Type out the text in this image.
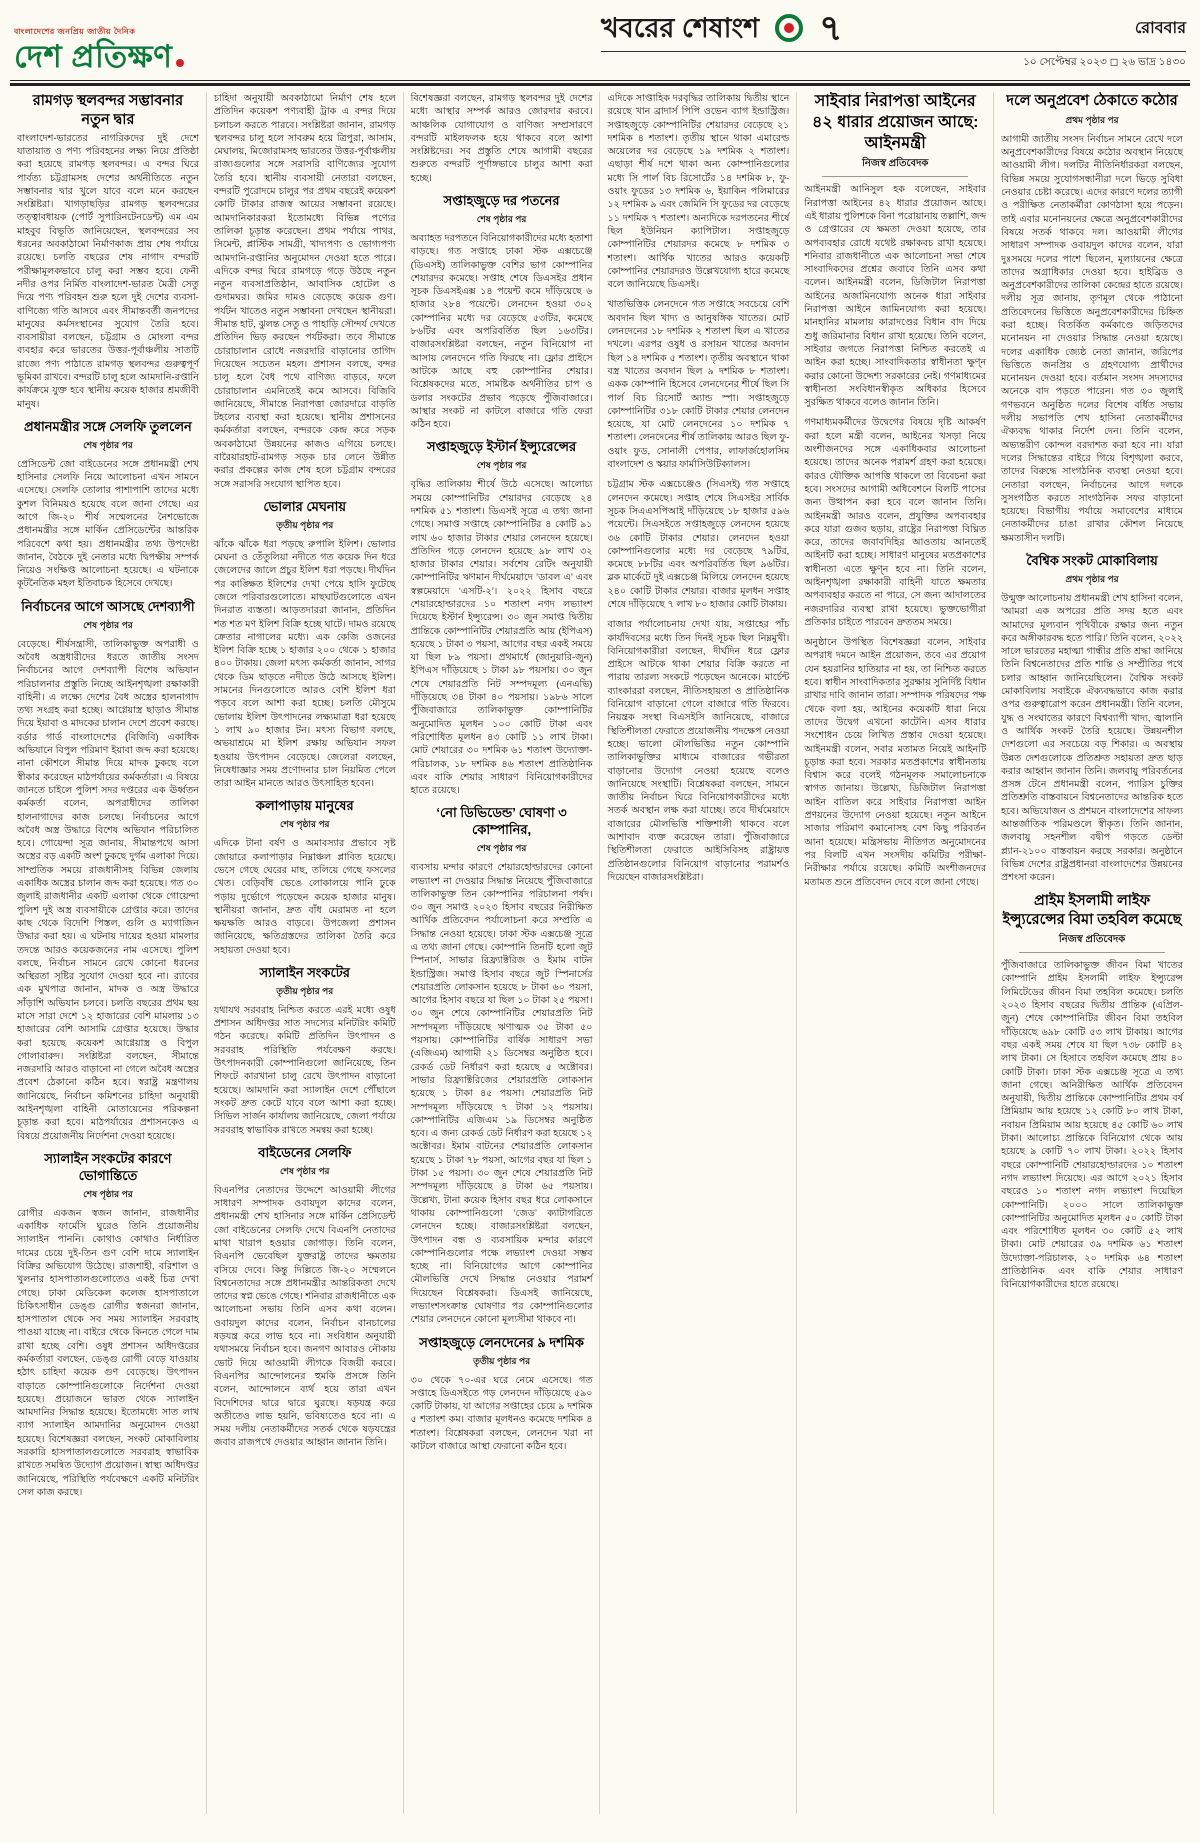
বাংলাদেশের জনপ্রিয় জাতীয় দৈনিক
দেশ প্রতিক্ষণ
খবরের শেষাংশ ৭	রোববার
১০ সেপ্টেম্বর ২০২৩ ◻ ২৬ ভাদ্র ১৪৩০
রামগড় স্থলবন্দর সম্ভাবনার নতুন দ্বার
বাংলাদেশ-ভারতের নাগরিকদের দুই দেশে যাতায়াত ও পণ্য পরিবহনের লক্ষ্য নিয়ে প্রতিষ্ঠা করা হয়েছে রামগড় স্থলবন্দর। এ বন্দর ঘিরে পার্বত্য চট্টগ্রামসহ দেশের অর্থনীতিতে নতুন সম্ভাবনার দ্বার খুলে যাবে বলে মনে করছেন সংশ্লিষ্টরা। খাগড়াছড়ির রামগড় স্থলবন্দরের তত্ত্বাবধায়ক (পোর্ট সুপারিনটেনডেন্ট) এম এম মাহবুব বিভূতি জানিয়েছেন, স্থলবন্দরের সব ধরনের অবকাঠামো নির্মাণকাজ প্রায় শেষ পর্যায়ে রয়েছে। চলতি বছরের শেষ নাগাদ বন্দরটি পরীক্ষামূলকভাবে চালু করা সম্ভব হবে। ফেনী নদীর ওপর নির্মিত বাংলাদেশ-ভারত মৈত্রী সেতু দিয়ে পণ্য পরিবহন শুরু হলে দুই দেশের ব্যবসা-বাণিজ্যে গতি আসবে এবং সীমান্তবর্তী জনপদের মানুষের কর্মসংস্থানের সুযোগ তৈরি হবে। ব্যবসায়ীরা বলছেন, চট্টগ্রাম ও মোংলা বন্দর ব্যবহার করে ভারতের উত্তর-পূর্বাঞ্চলীয় সাতটি রাজ্যে পণ্য পাঠাতে রামগড় স্থলবন্দর গুরুত্বপূর্ণ ভূমিকা রাখবে। বন্দরটি চালু হলে আমদানি-রপ্তানি কার্যক্রমে যুক্ত হবে স্থানীয় কয়েক হাজার শ্রমজীবী মানুষ।
প্রধানমন্ত্রীর সঙ্গে সেলফি তুললেন
শেষ পৃষ্ঠার পর
প্রেসিডেন্ট জো বাইডেনের সঙ্গে প্রধানমন্ত্রী শেখ হাসিনার সেলফি নিয়ে আলোচনা এখন সামনে এসেছে। সেলফি তোলার পাশাপাশি তাদের মধ্যে কুশল বিনিময়ও হয়েছে বলে জানা গেছে। এর আগে জি-২০ শীর্ষ সম্মেলনের নৈশভোজে প্রধানমন্ত্রীর সঙ্গে মার্কিন প্রেসিডেন্টের আন্তরিক পরিবেশে কথা হয়। প্রধানমন্ত্রীর তথ্য উপদেষ্টা জানান, বৈঠকে দুই নেতার মধ্যে দ্বিপক্ষীয় সম্পর্ক নিয়েও সংক্ষিপ্ত আলোচনা হয়েছে। এ ঘটনাকে কূটনৈতিক মহল ইতিবাচক হিসেবে দেখছে।
নির্বাচনের আগে আসছে দেশব্যাপী
শেষ পৃষ্ঠার পর
বেড়েছে। শীর্ষসন্ত্রাসী, তালিকাভুক্ত অপরাধী ও অবৈধ অস্ত্রধারীদের ধরতে জাতীয় সংসদ নির্বাচনের আগে দেশব্যাপী বিশেষ অভিযান পরিচালনার প্রস্তুতি নিচ্ছে আইনশৃঙ্খলা রক্ষাকারী বাহিনী। এ লক্ষ্যে দেশের বৈধ অস্ত্রের হালনাগাদ তথ্য সংগ্রহ করা হচ্ছে। আগ্নেয়াস্ত্র ছাড়াও সীমান্ত দিয়ে ইয়াবা ও মাদকের চালান দেশে প্রবেশ করছে। বর্ডার গার্ড বাংলাদেশের (বিজিবি) একাধিক অভিযানে বিপুল পরিমাণ ইয়াবা জব্দ করা হয়েছে। নানা কৌশলে সীমান্ত দিয়ে মাদক ঢুকছে বলে স্বীকার করেছেন মাঠপর্যায়ের কর্মকর্তারা। এ বিষয়ে জানতে চাইলে পুলিশ সদর দপ্তরের এক ঊর্ধ্বতন কর্মকর্তা বলেন, অপরাধীদের তালিকা হালনাগাদের কাজ চলছে। নির্বাচনের আগে অবৈধ অস্ত্র উদ্ধারে বিশেষ অভিযান পরিচালিত হবে। গোয়েন্দা সূত্র জানায়, সীমান্তপথে আসা অস্ত্রের বড় একটি অংশ ঢুকছে দুর্গম এলাকা দিয়ে। সাম্প্রতিক সময়ে রাজধানীসহ বিভিন্ন জেলায় একাধিক অস্ত্রের চালান জব্দ করা হয়েছে। গত ৩০ জুলাই রাজধানীর একটি এলাকা থেকে গোয়েন্দা পুলিশ দুই অস্ত্র ব্যবসায়ীকে গ্রেপ্তার করে। তাদের কাছ থেকে বিদেশি পিস্তল, গুলি ও ম্যাগাজিন উদ্ধার করা হয়। এ ঘটনায় দায়ের হওয়া মামলার তদন্তে আরও কয়েকজনের নাম এসেছে। পুলিশ বলছে, নির্বাচন সামনে রেখে কোনো ধরনের অস্থিরতা সৃষ্টির সুযোগ দেওয়া হবে না। র‌্যাবের এক মুখপাত্র জানান, মাদক ও অস্ত্র উদ্ধারে সাঁড়াশি অভিযান চলবে। চলতি বছরের প্রথম ছয় মাসে সারা দেশে ১২ হাজারের বেশি মামলায় ১৩ হাজারের বেশি আসামি গ্রেপ্তার হয়েছে। উদ্ধার করা হয়েছে কয়েকশ আগ্নেয়াস্ত্র ও বিপুল গোলাবারুদ। সংশ্লিষ্টরা বলছেন, সীমান্তে নজরদারি আরও বাড়ানো না গেলে অবৈধ অস্ত্রের প্রবেশ ঠেকানো কঠিন হবে। স্বরাষ্ট্র মন্ত্রণালয় জানিয়েছে, নির্বাচন কমিশনের চাহিদা অনুযায়ী আইনশৃঙ্খলা বাহিনী মোতায়েনের পরিকল্পনা চূড়ান্ত করা হবে। মাঠপর্যায়ের প্রশাসনকেও এ বিষয়ে প্রয়োজনীয় নির্দেশনা দেওয়া হয়েছে।
স্যালাইন সংকটের কারণে ভোগান্তিতে
শেষ পৃষ্ঠার পর
রোগীর একজন স্বজন জানান, রাজধানীর একাধিক ফার্মেসি ঘুরেও তিনি প্রয়োজনীয় স্যালাইন পাননি। কোথাও কোথাও নির্ধারিত দামের চেয়ে দুই-তিন গুণ বেশি দামে স্যালাইন বিক্রির অভিযোগ উঠেছে। রাজশাহী, বরিশাল ও খুলনার হাসপাতালগুলোতেও একই চিত্র দেখা গেছে। ঢাকা মেডিকেল কলেজ হাসপাতালে চিকিৎসাধীন ডেঙ্গু রোগীর স্বজনরা জানান, হাসপাতাল থেকে সব সময় স্যালাইন সরবরাহ পাওয়া যাচ্ছে না। বাইরে থেকে কিনতে গেলে দাম রাখা হচ্ছে বেশি। ওষুধ প্রশাসন অধিদপ্তরের কর্মকর্তারা বলছেন, ডেঙ্গু রোগী বেড়ে যাওয়ায় হঠাৎ চাহিদা কয়েক গুণ বেড়েছে। উৎপাদন বাড়াতে কোম্পানিগুলোকে নির্দেশনা দেওয়া হয়েছে। প্রয়োজনে ভারত থেকে স্যালাইন আমদানির সিদ্ধান্ত হয়েছে। ইতোমধ্যে সাত লাখ ব্যাগ স্যালাইন আমদানির অনুমোদন দেওয়া হয়েছে। বিশেষজ্ঞরা বলছেন, সংকট মোকাবিলায় সরকারি হাসপাতালগুলোতে সরবরাহ স্বাভাবিক রাখতে সমন্বিত উদ্যোগ প্রয়োজন। স্বাস্থ্য অধিদপ্তর জানিয়েছে, পরিস্থিতি পর্যবেক্ষণে একটি মনিটরিং সেল কাজ করছে।
চাহিদা অনুযায়ী অবকাঠামো নির্মাণ শেষ হলে প্রতিদিন কয়েকশ পণ্যবাহী ট্রাক এ বন্দর দিয়ে চলাচল করতে পারবে। সংশ্লিষ্টরা জানান, রামগড় স্থলবন্দর চালু হলে সাবরুম হয়ে ত্রিপুরা, আসাম, মেঘালয়, মিজোরামসহ ভারতের উত্তর-পূর্বাঞ্চলীয় রাজ্যগুলোর সঙ্গে সরাসরি বাণিজ্যের সুযোগ তৈরি হবে। স্থানীয় ব্যবসায়ী নেতারা বলছেন, বন্দরটি পুরোদমে চালুর পর প্রথম বছরেই কয়েকশ কোটি টাকার রাজস্ব আয়ের সম্ভাবনা রয়েছে। আমদানিকারকরা ইতোমধ্যে বিভিন্ন পণ্যের তালিকা চূড়ান্ত করেছেন। প্রথম পর্যায়ে পাথর, সিমেন্ট, প্লাস্টিক সামগ্রী, খাদ্যপণ্য ও ভোগ্যপণ্য আমদানি-রপ্তানির অনুমোদন দেওয়া হতে পারে। এদিকে বন্দর ঘিরে রামগড়ে গড়ে উঠছে নতুন নতুন ব্যবসাপ্রতিষ্ঠান, আবাসিক হোটেল ও গুদামঘর। জমির দামও বেড়েছে কয়েক গুণ। পর্যটন খাতেও নতুন সম্ভাবনা দেখছেন স্থানীয়রা। সীমান্ত হাট, ঝুলন্ত সেতু ও পাহাড়ি সৌন্দর্য দেখতে প্রতিদিন ভিড় করছেন পর্যটকরা। তবে সীমান্তে চোরাচালান রোধে নজরদারি বাড়ানোর তাগিদ দিয়েছেন সচেতন মহল। প্রশাসন বলছে, বন্দর চালু হলে বৈধ পথে বাণিজ্য বাড়বে, ফলে চোরাচালান এমনিতেই কমে আসবে। বিজিবি জানিয়েছে, সীমান্তে নিরাপত্তা জোরদারে বাড়তি টহলের ব্যবস্থা করা হয়েছে। স্থানীয় প্রশাসনের কর্মকর্তারা বলছেন, বন্দরকে কেন্দ্র করে সড়ক অবকাঠামো উন্নয়নের কাজও এগিয়ে চলছে। বারৈয়ারহাট-রামগড় সড়ক চার লেনে উন্নীত করার প্রকল্পের কাজ শেষ হলে চট্টগ্রাম বন্দরের সঙ্গে সরাসরি সংযোগ স্থাপিত হবে।
ভোলার মেঘনায়
তৃতীয় পৃষ্ঠার পর
ঝাঁকে ঝাঁকে ধরা পড়ছে রুপালি ইলিশ। ভোলার মেঘনা ও তেঁতুলিয়া নদীতে গত কয়েক দিন ধরে জেলেদের জালে প্রচুর ইলিশ ধরা পড়ছে। দীর্ঘদিন পর কাঙ্ক্ষিত ইলিশের দেখা পেয়ে হাসি ফুটেছে জেলে পরিবারগুলোতে। মাছঘাটগুলোতে এখন দিনরাত ব্যস্ততা। আড়তদাররা জানান, প্রতিদিন শত শত মণ ইলিশ বিক্রি হচ্ছে ঘাটে। দামও রয়েছে ক্রেতার নাগালের মধ্যে। এক কেজি ওজনের ইলিশ বিক্রি হচ্ছে ১ হাজার ২০০ থেকে ১ হাজার ৪০০ টাকায়। জেলা মৎস্য কর্মকর্তা জানান, সাগর থেকে ডিম ছাড়তে নদীতে উঠে আসছে ইলিশ। সামনের দিনগুলোতে আরও বেশি ইলিশ ধরা পড়বে বলে আশা করা হচ্ছে। চলতি মৌসুমে ভোলায় ইলিশ উৎপাদনের লক্ষ্যমাত্রা ধরা হয়েছে ১ লাখ ৯০ হাজার টন। মৎস্য বিভাগ বলছে, অভয়াশ্রমে মা ইলিশ রক্ষায় অভিযান সফল হওয়ায় উৎপাদন বেড়েছে। জেলেরা বলছেন, নিষেধাজ্ঞার সময় প্রণোদনার চাল নিয়মিত পেলে তারা আইন মানতে আরও উৎসাহিত হবেন।
কলাপাড়ায় মানুষের
শেষ পৃষ্ঠার পর
এদিকে টানা বর্ষণ ও অমাবস্যার প্রভাবে সৃষ্ট জোয়ারে কলাপাড়ার নিম্নাঞ্চল প্লাবিত হয়েছে। ভেসে গেছে ঘেরের মাছ, তলিয়ে গেছে ফসলের খেত। বেড়িবাঁধ ভেঙে লোকালয়ে পানি ঢুকে পড়ায় দুর্ভোগে পড়েছেন কয়েক হাজার মানুষ। স্থানীয়রা জানান, দ্রুত বাঁধ মেরামত না হলে ক্ষয়ক্ষতি আরও বাড়বে। উপজেলা প্রশাসন জানিয়েছে, ক্ষতিগ্রস্তদের তালিকা তৈরি করে সহায়তা দেওয়া হবে।
স্যালাইন সংকটের
তৃতীয় পৃষ্ঠার পর
যথাযথ সরবরাহ নিশ্চিত করতে এরই মধ্যে ওষুধ প্রশাসন অধিদপ্তর সাত সদস্যের মনিটরিং কমিটি গঠন করেছে। কমিটি প্রতিদিন উৎপাদন ও সরবরাহ পরিস্থিতি পর্যবেক্ষণ করছে। উৎপাদনকারী কোম্পানিগুলো জানিয়েছে, তিন শিফটে কারখানা চালু রেখে উৎপাদন বাড়ানো হয়েছে। আমদানি করা স্যালাইন দেশে পৌঁছালে সংকট দ্রুত কেটে যাবে বলে আশা করা হচ্ছে। সিভিল সার্জন কার্যালয় জানিয়েছে, জেলা পর্যায়ে সরবরাহ স্বাভাবিক রাখতে সমন্বয় করা হচ্ছে।
বাইডেনের সেলফি
শেষ পৃষ্ঠার পর
বিএনপির নেতাদের উদ্দেশে আওয়ামী লীগের সাধারণ সম্পাদক ওবায়দুল কাদের বলেন, প্রধানমন্ত্রী শেখ হাসিনার সঙ্গে মার্কিন প্রেসিডেন্ট জো বাইডেনের সেলফি দেখে বিএনপি নেতাদের মাথা খারাপ হওয়ার জোগাড়। তিনি বলেন, বিএনপি ভেবেছিল যুক্তরাষ্ট্র তাদের ক্ষমতায় বসিয়ে দেবে। কিন্তু দিল্লিতে জি-২০ সম্মেলনে বিশ্বনেতাদের সঙ্গে প্রধানমন্ত্রীর আন্তরিকতা দেখে তাদের স্বপ্ন ভেঙে গেছে। শনিবার রাজধানীতে এক আলোচনা সভায় তিনি এসব কথা বলেন। ওবায়দুল কাদের বলেন, নির্বাচন বানচালের ষড়যন্ত্র করে লাভ হবে না। সংবিধান অনুযায়ী যথাসময়ে নির্বাচন হবে। জনগণ আবারও নৌকায় ভোট দিয়ে আওয়ামী লীগকে বিজয়ী করবে। বিএনপির আন্দোলনের হুমকি প্রসঙ্গে তিনি বলেন, আন্দোলনে ব্যর্থ হয়ে তারা এখন বিদেশিদের দ্বারে দ্বারে ঘুরছে। ষড়যন্ত্র করে অতীতেও লাভ হয়নি, ভবিষ্যতেও হবে না। এ সময় দলীয় নেতাকর্মীদের সতর্ক থেকে ষড়যন্ত্রের জবাব রাজপথে দেওয়ার আহ্বান জানান তিনি।
বিশেষজ্ঞরা বলছেন, রামগড় স্থলবন্দর দুই দেশের মধ্যে আস্থার সম্পর্ক আরও জোরদার করবে। আঞ্চলিক যোগাযোগ ও বাণিজ্য সম্প্রসারণে বন্দরটি মাইলফলক হয়ে থাকবে বলে আশা সংশ্লিষ্টদের। সব প্রস্তুতি শেষে আগামী বছরের শুরুতে বন্দরটি পূর্ণাঙ্গভাবে চালুর আশা করা হচ্ছে।
সপ্তাহজুড়ে দর পতনের
শেষ পৃষ্ঠার পর
অব্যাহত দরপতনে বিনিয়োগকারীদের মধ্যে হতাশা বাড়ছে। গত সপ্তাহে ঢাকা স্টক এক্সচেঞ্জে (ডিএসই) তালিকাভুক্ত বেশির ভাগ কোম্পানির শেয়ারদর কমেছে। সপ্তাহ শেষে ডিএসইর প্রধান সূচক ডিএসইএক্স ১৪ পয়েন্ট কমে দাঁড়িয়েছে ৬ হাজার ২৮৪ পয়েন্টে। লেনদেন হওয়া ৩০২ কোম্পানির মধ্যে দর বেড়েছে ৫৩টির, কমেছে ৮৬টির এবং অপরিবর্তিত ছিল ১৬৩টির। বাজারসংশ্লিষ্টরা বলছেন, নতুন বিনিয়োগ না আসায় লেনদেনে গতি ফিরছে না। ফ্লোর প্রাইসে আটকে আছে বহু কোম্পানির শেয়ার। বিশ্লেষকদের মতে, সামষ্টিক অর্থনীতির চাপ ও ডলার সংকটের প্রভাব পড়েছে পুঁজিবাজারে। আস্থার সংকট না কাটলে বাজারে গতি ফেরা কঠিন হবে।
সপ্তাহজুড়ে ইস্টার্ন ইন্স্যুরেন্সের
শেষ পৃষ্ঠার পর
বৃদ্ধির তালিকায় শীর্ষে উঠে এসেছে। আলোচ্য সময়ে কোম্পানিটির শেয়ারদর বেড়েছে ২৪ দশমিক ৫১ শতাংশ। ডিএসই সূত্রে এ তথ্য জানা গেছে। সমাপ্ত সপ্তাহে কোম্পানিটির ৪ কোটি ৯১ লাখ ৬০ হাজার টাকার শেয়ার লেনদেন হয়েছে। প্রতিদিন গড়ে লেনদেন হয়েছে ৯৮ লাখ ৩২ হাজার টাকার শেয়ার। সর্বশেষ রেটিং অনুযায়ী কোম্পানিটির ঋণমান দীর্ঘমেয়াদে ‘ডাবল এ’ এবং স্বল্পমেয়াদে ‘এসটি-২’। ২০২২ হিসাব বছরে শেয়ারহোল্ডারদের ১০ শতাংশ নগদ লভ্যাংশ দিয়েছে ইস্টার্ন ইন্স্যুরেন্স। ৩০ জুন সমাপ্ত দ্বিতীয় প্রান্তিকে কোম্পানিটির শেয়ারপ্রতি আয় (ইপিএস) হয়েছে ১ টাকা ৩ পয়সা, আগের বছর একই সময়ে যা ছিল ৮৯ পয়সা। প্রথমার্ধে (জানুয়ারি-জুন) ইপিএস দাঁড়িয়েছে ১ টাকা ৯৮ পয়সায়। ৩০ জুন শেষে শেয়ারপ্রতি নিট সম্পদমূল্য (এনএভি) দাঁড়িয়েছে ৩৪ টাকা ৪০ পয়সায়। ১৯৮৬ সালে পুঁজিবাজারে তালিকাভুক্ত কোম্পানিটির অনুমোদিত মূলধন ১০০ কোটি টাকা এবং পরিশোধিত মূলধন ৪৩ কোটি ১১ লাখ টাকা। মোট শেয়ারের ৩০ দশমিক ৬১ শতাংশ উদ্যোক্তা-পরিচালক, ১৮ দশমিক ৪৬ শতাংশ প্রাতিষ্ঠানিক এবং বাকি শেয়ার সাধারণ বিনিয়োগকারীদের হাতে রয়েছে।
‘নো ডিভিডেন্ড’ ঘোষণা ৩ কোম্পানির,
শেষ পৃষ্ঠার পর
ব্যবসায় মন্দার কারণে শেয়ারহোল্ডারদের কোনো লভ্যাংশ না দেওয়ার সিদ্ধান্ত নিয়েছে পুঁজিবাজারে তালিকাভুক্ত তিন কোম্পানির পরিচালনা পর্ষদ। ৩০ জুন সমাপ্ত ২০২৩ হিসাব বছরের নিরীক্ষিত আর্থিক প্রতিবেদন পর্যালোচনা করে সম্প্রতি এ সিদ্ধান্ত নেওয়া হয়েছে। ঢাকা স্টক এক্সচেঞ্জ সূত্রে এ তথ্য জানা গেছে। কোম্পানি তিনটি হলো জুট স্পিনার্স, সাভার রিফ্র্যাক্টরিজ ও ইমাম বাটন ইন্ডাস্ট্রিজ। সমাপ্ত হিসাব বছরে জুট স্পিনার্সের শেয়ারপ্রতি লোকসান হয়েছে ৮ টাকা ৬০ পয়সা, আগের হিসাব বছরে যা ছিল ১০ টাকা ২৫ পয়সা। ৩০ জুন শেষে কোম্পানিটির শেয়ারপ্রতি নিট সম্পদমূল্য দাঁড়িয়েছে ঋণাত্মক ৩৫ টাকা ৫০ পয়সায়। কোম্পানিটির বার্ষিক সাধারণ সভা (এজিএম) আগামী ২১ ডিসেম্বর অনুষ্ঠিত হবে। রেকর্ড ডেট নির্ধারণ করা হয়েছে ৫ অক্টোবর। সাভার রিফ্র্যাক্টরিজের শেয়ারপ্রতি লোকসান হয়েছে ১ টাকা ৪৫ পয়সা। শেয়ারপ্রতি নিট সম্পদমূল্য দাঁড়িয়েছে ৭ টাকা ১২ পয়সায়। কোম্পানিটির এজিএম ১৯ ডিসেম্বর অনুষ্ঠিত হবে। এ জন্য রেকর্ড ডেট নির্ধারণ করা হয়েছে ১২ অক্টোবর। ইমাম বাটনের শেয়ারপ্রতি লোকসান হয়েছে ১ টাকা ৭৮ পয়সা, আগের বছর যা ছিল ১ টাকা ১৫ পয়সা। ৩০ জুন শেষে শেয়ারপ্রতি নিট সম্পদমূল্য দাঁড়িয়েছে ৪ টাকা ৬৫ পয়সায়। উল্লেখ্য, টানা কয়েক হিসাব বছর ধরে লোকসানে থাকায় কোম্পানিগুলো ‘জেড’ ক্যাটাগরিতে লেনদেন হচ্ছে। বাজারসংশ্লিষ্টরা বলছেন, উৎপাদন বন্ধ ও ব্যবসায়িক মন্দার কারণে কোম্পানিগুলোর পক্ষে লভ্যাংশ দেওয়া সম্ভব হচ্ছে না। বিনিয়োগের আগে কোম্পানির মৌলভিত্তি দেখে সিদ্ধান্ত নেওয়ার পরামর্শ দিয়েছেন বিশ্লেষকরা। ডিএসই জানিয়েছে, লভ্যাংশসংক্রান্ত ঘোষণার পর কোম্পানিগুলোর শেয়ার লেনদেনে কোনো মূল্যসীমা থাকবে না।
সপ্তাহজুড়ে লেনদেনের ৯ দশমিক
তৃতীয় পৃষ্ঠার পর
৩০ থেকে ৭০-এর ঘরে নেমে এসেছে। গত সপ্তাহে ডিএসইতে গড় লেনদেন দাঁড়িয়েছে ৫৯০ কোটি টাকায়, যা আগের সপ্তাহের চেয়ে ৯ দশমিক ৫ শতাংশ কম। বাজার মূলধনও কমেছে দশমিক ৪ শতাংশ। বিশ্লেষকরা বলছেন, লেনদেন খরা না কাটলে বাজারে আস্থা ফেরানো কঠিন হবে।
এদিকে সাপ্তাহিক দরবৃদ্ধির তালিকায় দ্বিতীয় স্থানে রয়েছে খান ব্রাদার্স পিপি ওভেন ব্যাগ ইন্ডাস্ট্রিজ। সপ্তাহজুড়ে কোম্পানিটির শেয়ারদর বেড়েছে ২১ দশমিক ৪ শতাংশ। তৃতীয় স্থানে থাকা এমারেল্ড অয়েলের দর বেড়েছে ১৯ দশমিক ২ শতাংশ। এছাড়া শীর্ষ দশে থাকা অন্য কোম্পানিগুলোর মধ্যে সি পার্ল বিচ রিসোর্টের ১৪ দশমিক ৮, ফু-ওয়াং ফুডের ১৩ দশমিক ৬, ইয়াকিন পলিমারের ১২ দশমিক ৯ এবং জেমিনি সি ফুডের দর বেড়েছে ১১ দশমিক ৭ শতাংশ। অন্যদিকে দরপতনের শীর্ষে ছিল ইউনিয়ন ক্যাপিটাল। সপ্তাহজুড়ে কোম্পানিটির শেয়ারদর কমেছে ৮ দশমিক ৩ শতাংশ। আর্থিক খাতের আরও কয়েকটি কোম্পানির শেয়ারদরও উল্লেখযোগ্য হারে কমেছে বলে জানিয়েছে ডিএসই।
খাতভিত্তিক লেনদেনে গত সপ্তাহে সবচেয়ে বেশি অবদান ছিল খাদ্য ও আনুষঙ্গিক খাতের। মোট লেনদেনের ১৮ দশমিক ২ শতাংশ ছিল এ খাতের দখলে। এরপর ওষুধ ও রসায়ন খাতের অবদান ছিল ১৪ দশমিক ৫ শতাংশ। তৃতীয় অবস্থানে থাকা বস্ত্র খাতের অবদান ছিল ৯ দশমিক ৮ শতাংশ। একক কোম্পানি হিসেবে লেনদেনের শীর্ষে ছিল সি পার্ল বিচ রিসোর্ট অ্যান্ড স্পা। সপ্তাহজুড়ে কোম্পানিটির ৩১৮ কোটি টাকার শেয়ার লেনদেন হয়েছে, যা মোট লেনদেনের ১০ দশমিক ৭ শতাংশ। লেনদেনের শীর্ষ তালিকায় আরও ছিল ফু-ওয়াং ফুড, সোনালী পেপার, লাফার্জহোলসিম বাংলাদেশ ও স্কয়ার ফার্মাসিউটিক্যালস।
চট্টগ্রাম স্টক এক্সচেঞ্জেও (সিএসই) গত সপ্তাহে লেনদেন কমেছে। সপ্তাহ শেষে সিএসইর সার্বিক সূচক সিএএসপিআই দাঁড়িয়েছে ১৮ হাজার ৫৯৬ পয়েন্টে। সিএসইতে সপ্তাহজুড়ে লেনদেন হয়েছে ৩৬ কোটি টাকার শেয়ার। লেনদেন হওয়া কোম্পানিগুলোর মধ্যে দর বেড়েছে ৭৯টির, কমেছে ৮৮টির এবং অপরিবর্তিত ছিল ৯৬টির। ব্লক মার্কেটে দুই এক্সচেঞ্জ মিলিয়ে লেনদেন হয়েছে ২৪০ কোটি টাকার শেয়ার। বাজার মূলধন সপ্তাহ শেষে দাঁড়িয়েছে ৭ লাখ ৮০ হাজার কোটি টাকায়।
বাজার পর্যালোচনায় দেখা যায়, সপ্তাহের পাঁচ কার্যদিবসের মধ্যে তিন দিনই সূচক ছিল নিম্নমুখী। বিনিয়োগকারীরা বলছেন, দীর্ঘদিন ধরে ফ্লোর প্রাইসে আটকে থাকা শেয়ার বিক্রি করতে না পারায় তারল্য সংকটে পড়েছেন অনেকে। মার্চেন্ট ব্যাংকাররা বলছেন, নীতিসহায়তা ও প্রাতিষ্ঠানিক বিনিয়োগ বাড়ানো গেলে বাজারে গতি ফিরবে। নিয়ন্ত্রক সংস্থা বিএসইসি জানিয়েছে, বাজারে স্থিতিশীলতা ফেরাতে প্রয়োজনীয় পদক্ষেপ নেওয়া হচ্ছে। ভালো মৌলভিত্তির নতুন কোম্পানি তালিকাভুক্তির মাধ্যমে বাজারের গভীরতা বাড়ানোর উদ্যোগ নেওয়া হয়েছে বলেও জানিয়েছে সংস্থাটি। বিশ্লেষকরা বলছেন, সামনে জাতীয় নির্বাচন ঘিরে বিনিয়োগকারীদের মধ্যে সতর্ক অবস্থান লক্ষ করা যাচ্ছে। তবে দীর্ঘমেয়াদে বাজারের মৌলভিত্তি শক্তিশালী থাকবে বলে আশাবাদ ব্যক্ত করেছেন তারা। পুঁজিবাজারে স্থিতিশীলতা ফেরাতে আইসিবিসহ রাষ্ট্রায়ত্ত প্রতিষ্ঠানগুলোর বিনিয়োগ বাড়ানোর পরামর্শও দিয়েছেন বাজারসংশ্লিষ্টরা।
সাইবার নিরাপত্তা আইনের ৪২ ধারার প্রয়োজন আছে: আইনমন্ত্রী
নিজস্ব প্রতিবেদক
আইনমন্ত্রী আনিসুল হক বলেছেন, সাইবার নিরাপত্তা আইনের ৪২ ধারার প্রয়োজন আছে। এই ধারায় পুলিশকে বিনা পরোয়ানায় তল্লাশি, জব্দ ও গ্রেপ্তারের যে ক্ষমতা দেওয়া হয়েছে, তার অপব্যবহার রোধে যথেষ্ট রক্ষাকবচ রাখা হয়েছে। শনিবার রাজধানীতে এক আলোচনা সভা শেষে সাংবাদিকদের প্রশ্নের জবাবে তিনি এসব কথা বলেন। আইনমন্ত্রী বলেন, ডিজিটাল নিরাপত্তা আইনের অজামিনযোগ্য অনেক ধারা সাইবার নিরাপত্তা আইনে জামিনযোগ্য করা হয়েছে। মানহানির মামলায় কারাদণ্ডের বিধান বাদ দিয়ে শুধু জরিমানার বিধান রাখা হয়েছে। তিনি বলেন, সাইবার জগতে নিরাপত্তা নিশ্চিত করতেই এ আইন করা হচ্ছে। সাংবাদিকতার স্বাধীনতা ক্ষুণ্ন করার কোনো উদ্দেশ্য সরকারের নেই। গণমাধ্যমের স্বাধীনতা সংবিধানস্বীকৃত অধিকার হিসেবে সুরক্ষিত থাকবে বলেও জানান তিনি।
গণমাধ্যমকর্মীদের উদ্বেগের বিষয়ে দৃষ্টি আকর্ষণ করা হলে মন্ত্রী বলেন, আইনের খসড়া নিয়ে অংশীজনদের সঙ্গে একাধিকবার আলোচনা হয়েছে। তাদের অনেক পরামর্শ গ্রহণ করা হয়েছে। কারও যৌক্তিক আপত্তি থাকলে তা বিবেচনা করা হবে। সংসদের আগামী অধিবেশনে বিলটি পাসের জন্য উত্থাপন করা হবে বলে জানান তিনি। আইনমন্ত্রী আরও বলেন, প্রযুক্তির অপব্যবহার করে যারা গুজব ছড়ায়, রাষ্ট্রের নিরাপত্তা বিঘ্নিত করে, তাদের জবাবদিহির আওতায় আনতেই আইনটি করা হচ্ছে। সাধারণ মানুষের মতপ্রকাশের স্বাধীনতা এতে ক্ষুণ্ন হবে না। তিনি বলেন, আইনশৃঙ্খলা রক্ষাকারী বাহিনী যাতে ক্ষমতার অপব্যবহার করতে না পারে, সে জন্য আদালতের নজরদারির ব্যবস্থা রাখা হয়েছে। ভুক্তভোগীরা প্রতিকার চাইতে পারবেন দ্রুততম সময়ে।
অনুষ্ঠানে উপস্থিত বিশেষজ্ঞরা বলেন, সাইবার অপরাধ দমনে আইন প্রয়োজন, তবে এর প্রয়োগ যেন হয়রানির হাতিয়ার না হয়, তা নিশ্চিত করতে হবে। স্বাধীন সাংবাদিকতার সুরক্ষায় সুনির্দিষ্ট বিধান রাখার দাবি জানান তারা। সম্পাদক পরিষদের পক্ষ থেকে বলা হয়, আইনের কয়েকটি ধারা নিয়ে তাদের উদ্বেগ এখনো কাটেনি। এসব ধারার সংশোধন চেয়ে লিখিত প্রস্তাব দেওয়া হয়েছে। আইনমন্ত্রী বলেন, সবার মতামত নিয়েই আইনটি চূড়ান্ত করা হবে। সরকার মতপ্রকাশের স্বাধীনতায় বিশ্বাস করে বলেই গঠনমূলক সমালোচনাকে স্বাগত জানায়। উল্লেখ্য, ডিজিটাল নিরাপত্তা আইন বাতিল করে সাইবার নিরাপত্তা আইন প্রণয়নের উদ্যোগ নেওয়া হয়েছে। নতুন আইনে সাজার পরিমাণ কমানোসহ বেশ কিছু পরিবর্তন আনা হয়েছে। মন্ত্রিসভায় নীতিগত অনুমোদনের পর বিলটি এখন সংসদীয় কমিটির পরীক্ষা-নিরীক্ষার পর্যায়ে রয়েছে। কমিটি অংশীজনদের মতামত শুনে প্রতিবেদন দেবে বলে জানা গেছে।
দলে অনুপ্রবেশ ঠেকাতে কঠোর
প্রথম পৃষ্ঠার পর
আগামী জাতীয় সংসদ নির্বাচন সামনে রেখে দলে অনুপ্রবেশকারীদের বিষয়ে কঠোর অবস্থান নিয়েছে আওয়ামী লীগ। দলটির নীতিনির্ধারকরা বলছেন, বিভিন্ন সময়ে সুযোগসন্ধানীরা দলে ভিড়ে সুবিধা নেওয়ার চেষ্টা করেছে। এদের কারণে দলের ত্যাগী ও পরীক্ষিত নেতাকর্মীরা কোণঠাসা হয়ে পড়েন। তাই এবার মনোনয়নের ক্ষেত্রে অনুপ্রবেশকারীদের বিষয়ে সতর্ক থাকবে দল। আওয়ামী লীগের সাধারণ সম্পাদক ওবায়দুল কাদের বলেন, যারা দুঃসময়ে দলের পাশে ছিলেন, মূল্যায়নের ক্ষেত্রে তাদের অগ্রাধিকার দেওয়া হবে। হাইব্রিড ও অনুপ্রবেশকারীদের তালিকা কেন্দ্রের হাতে রয়েছে। দলীয় সূত্র জানায়, তৃণমূল থেকে পাঠানো প্রতিবেদনের ভিত্তিতে অনুপ্রবেশকারীদের চিহ্নিত করা হচ্ছে। বিতর্কিত কর্মকাণ্ডে জড়িতদের মনোনয়ন না দেওয়ার সিদ্ধান্ত নেওয়া হয়েছে। দলের একাধিক জ্যেষ্ঠ নেতা জানান, জরিপের ভিত্তিতে জনপ্রিয় ও গ্রহণযোগ্য প্রার্থীদের মনোনয়ন দেওয়া হবে। বর্তমান সংসদ সদস্যদের অনেকে বাদ পড়তে পারেন। গত ৩০ জুলাই গণভবনে অনুষ্ঠিত দলের বিশেষ বর্ধিত সভায় দলীয় সভাপতি শেখ হাসিনা নেতাকর্মীদের ঐক্যবদ্ধ থাকার নির্দেশ দেন। তিনি বলেন, অভ্যন্তরীণ কোন্দল বরদাশত করা হবে না। যারা দলের সিদ্ধান্তের বাইরে গিয়ে বিশৃঙ্খলা করবে, তাদের বিরুদ্ধে সাংগঠনিক ব্যবস্থা নেওয়া হবে। নেতারা বলছেন, নির্বাচনের আগে দলকে সুসংগঠিত করতে সাংগঠনিক সফর বাড়ানো হয়েছে। বিভাগীয় পর্যায়ে সমাবেশের মাধ্যমে নেতাকর্মীদের চাঙা রাখার কৌশল নিয়েছে ক্ষমতাসীন দলটি।
বৈশ্বিক সংকট মোকাবিলায়
প্রথম পৃষ্ঠার পর
উন্মুক্ত আলোচনায় প্রধানমন্ত্রী শেখ হাসিনা বলেন, ‘আমরা এক অপরের প্রতি সদয় হতে এবং আমাদের মূল্যবান পৃথিবীকে রক্ষার জন্য নতুন করে অঙ্গীকারবদ্ধ হতে পারি।’ তিনি বলেন, ২০২২ সালে ভারতের মহাত্মা গান্ধীর প্রতি শ্রদ্ধা জানিয়ে তিনি বিশ্বনেতাদের প্রতি শান্তি ও সম্প্রীতির পথে চলার আহ্বান জানিয়েছিলেন। বৈশ্বিক সংকট মোকাবিলায় সবাইকে ঐক্যবদ্ধভাবে কাজ করার ওপর গুরুত্বারোপ করেন প্রধানমন্ত্রী। তিনি বলেন, যুদ্ধ ও সংঘাতের কারণে বিশ্বব্যাপী খাদ্য, জ্বালানি ও আর্থিক সংকট তৈরি হয়েছে। উন্নয়নশীল দেশগুলো এর সবচেয়ে বড় শিকার। এ অবস্থায় উন্নত দেশগুলোকে প্রতিশ্রুত সহায়তা দ্রুত ছাড় করার আহ্বান জানান তিনি। জলবায়ু পরিবর্তনের প্রসঙ্গ টেনে প্রধানমন্ত্রী বলেন, প্যারিস চুক্তির প্রতিশ্রুতি বাস্তবায়নে বিশ্বনেতাদের আন্তরিক হতে হবে। অভিযোজন ও প্রশমনে বাংলাদেশের সাফল্য আন্তর্জাতিক পরিমণ্ডলে স্বীকৃত। তিনি জানান, জলবায়ু সহনশীল বদ্বীপ গড়তে ডেল্টা প্ল্যান-২১০০ বাস্তবায়ন করছে সরকার। অনুষ্ঠানে বিভিন্ন দেশের রাষ্ট্রপ্রধানরা বাংলাদেশের উন্নয়নের প্রশংসা করেন।
প্রাইম ইসলামী লাইফ ইন্স্যুরেন্সের বিমা তহবিল কমেছে
নিজস্ব প্রতিবেদক
পুঁজিবাজারে তালিকাভুক্ত জীবন বিমা খাতের কোম্পানি প্রাইম ইসলামী লাইফ ইন্স্যুরেন্স লিমিটেডের জীবন বিমা তহবিল কমেছে। চলতি ২০২৩ হিসাব বছরের দ্বিতীয় প্রান্তিক (এপ্রিল-জুন) শেষে কোম্পানিটির জীবন বিমা তহবিল দাঁড়িয়েছে ৬৯৮ কোটি ৫৩ লাখ টাকায়। আগের বছর একই সময় শেষে যা ছিল ৭৩৮ কোটি ৪২ লাখ টাকা। সে হিসাবে তহবিল কমেছে প্রায় ৪০ কোটি টাকা। ঢাকা স্টক এক্সচেঞ্জ সূত্রে এ তথ্য জানা গেছে। অনিরীক্ষিত আর্থিক প্রতিবেদন অনুযায়ী, দ্বিতীয় প্রান্তিকে কোম্পানিটির প্রথম বর্ষ প্রিমিয়াম আয় হয়েছে ১২ কোটি ৮০ লাখ টাকা, নবায়ন প্রিমিয়াম আয় হয়েছে ৪৫ কোটি ৬০ লাখ টাকা। আলোচ্য প্রান্তিকে বিনিয়োগ থেকে আয় হয়েছে ৯ কোটি ৭০ লাখ টাকা। ২০২২ হিসাব বছরে কোম্পানিটি শেয়ারহোল্ডারদের ১০ শতাংশ নগদ লভ্যাংশ দিয়েছে। এর আগে ২০২১ হিসাব বছরেও ১০ শতাংশ নগদ লভ্যাংশ দিয়েছিল কোম্পানিটি। ২০০০ সালে তালিকাভুক্ত কোম্পানিটির অনুমোদিত মূলধন ৫০ কোটি টাকা এবং পরিশোধিত মূলধন ৩০ কোটি ৫২ লাখ টাকা। মোট শেয়ারের ৩৯ দশমিক ৬১ শতাংশ উদ্যোক্তা-পরিচালক, ২০ দশমিক ৬৪ শতাংশ প্রাতিষ্ঠানিক এবং বাকি শেয়ার সাধারণ বিনিয়োগকারীদের হাতে রয়েছে।
